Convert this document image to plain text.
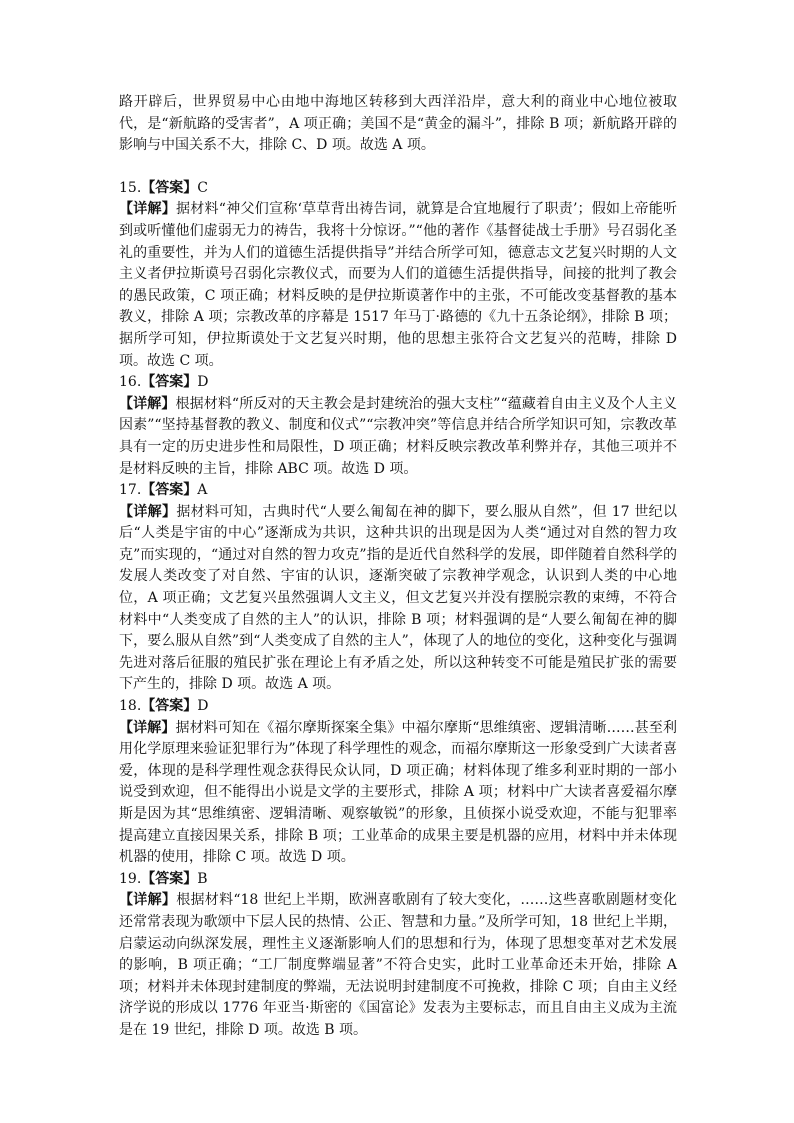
路开辟后，世界贸易中心由地中海地区转移到大西洋沿岸，意大利的商业中心地位被取代，是“新航路的受害者”，A 项正确；美国不是“黄金的漏斗”，排除 B 项；新航路开辟的影响与中国关系不大，排除 C、D 项。故选 A 项。

15.【答案】C

【详解】据材料“神父们宣称‘草草背出祷告词，就算是合宜地履行了职责’；假如上帝能听到或听懂他们虚弱无力的祷告，我将十分惊讶。”“他的著作《基督徒战士手册》号召弱化圣礼的重要性，并为人们的道德生活提供指导”并结合所学可知，德意志文艺复兴时期的人文主义者伊拉斯谟号召弱化宗教仪式，而要为人们的道德生活提供指导，间接的批判了教会的愚民政策，C 项正确；材料反映的是伊拉斯谟著作中的主张，不可能改变基督教的基本教义，排除 A 项；宗教改革的序幕是 1517 年马丁·路德的《九十五条论纲》，排除 B 项；据所学可知，伊拉斯谟处于文艺复兴时期，他的思想主张符合文艺复兴的范畴，排除 D 项。故选 C 项。

16.【答案】D

【详解】根据材料“所反对的天主教会是封建统治的强大支柱”“蕴藏着自由主义及个人主义因素”“坚持基督教的教义、制度和仪式”“宗教冲突”等信息并结合所学知识可知，宗教改革具有一定的历史进步性和局限性，D 项正确；材料反映宗教改革利弊并存，其他三项并不是材料反映的主旨，排除 ABC 项。故选 D 项。

17.【答案】A

【详解】据材料可知，古典时代“人要么匍匐在神的脚下，要么服从自然”，但 17 世纪以后“人类是宇宙的中心”逐渐成为共识，这种共识的出现是因为人类“通过对自然的智力攻克”而实现的，“通过对自然的智力攻克”指的是近代自然科学的发展，即伴随着自然科学的发展人类改变了对自然、宇宙的认识，逐渐突破了宗教神学观念，认识到人类的中心地位，A 项正确；文艺复兴虽然强调人文主义，但文艺复兴并没有摆脱宗教的束缚，不符合材料中“人类变成了自然的主人”的认识，排除 B 项；材料强调的是“人要么匍匐在神的脚下，要么服从自然”到“人类变成了自然的主人”，体现了人的地位的变化，这种变化与强调先进对落后征服的殖民扩张在理论上有矛盾之处，所以这种转变不可能是殖民扩张的需要下产生的，排除 D 项。故选 A 项。

18.【答案】D

【详解】据材料可知在《福尔摩斯探案全集》中福尔摩斯“思维缜密、逻辑清晰……甚至利用化学原理来验证犯罪行为”体现了科学理性的观念，而福尔摩斯这一形象受到广大读者喜爱，体现的是科学理性观念获得民众认同，D 项正确；材料体现了维多利亚时期的一部小说受到欢迎，但不能得出小说是文学的主要形式，排除 A 项；材料中广大读者喜爱福尔摩斯是因为其“思维缜密、逻辑清晰、观察敏锐”的形象，且侦探小说受欢迎，不能与犯罪率提高建立直接因果关系，排除 B 项；工业革命的成果主要是机器的应用，材料中并未体现机器的使用，排除 C 项。故选 D 项。

19.【答案】B

【详解】根据材料“18 世纪上半期，欧洲喜歌剧有了较大变化，……这些喜歌剧题材变化还常常表现为歌颂中下层人民的热情、公正、智慧和力量。”及所学可知，18 世纪上半期，启蒙运动向纵深发展，理性主义逐渐影响人们的思想和行为，体现了思想变革对艺术发展的影响，B 项正确；“工厂制度弊端显著”不符合史实，此时工业革命还未开始，排除 A 项；材料并未体现封建制度的弊端，无法说明封建制度不可挽救，排除 C 项；自由主义经济学说的形成以 1776 年亚当·斯密的《国富论》发表为主要标志，而且自由主义成为主流是在 19 世纪，排除 D 项。故选 B 项。
